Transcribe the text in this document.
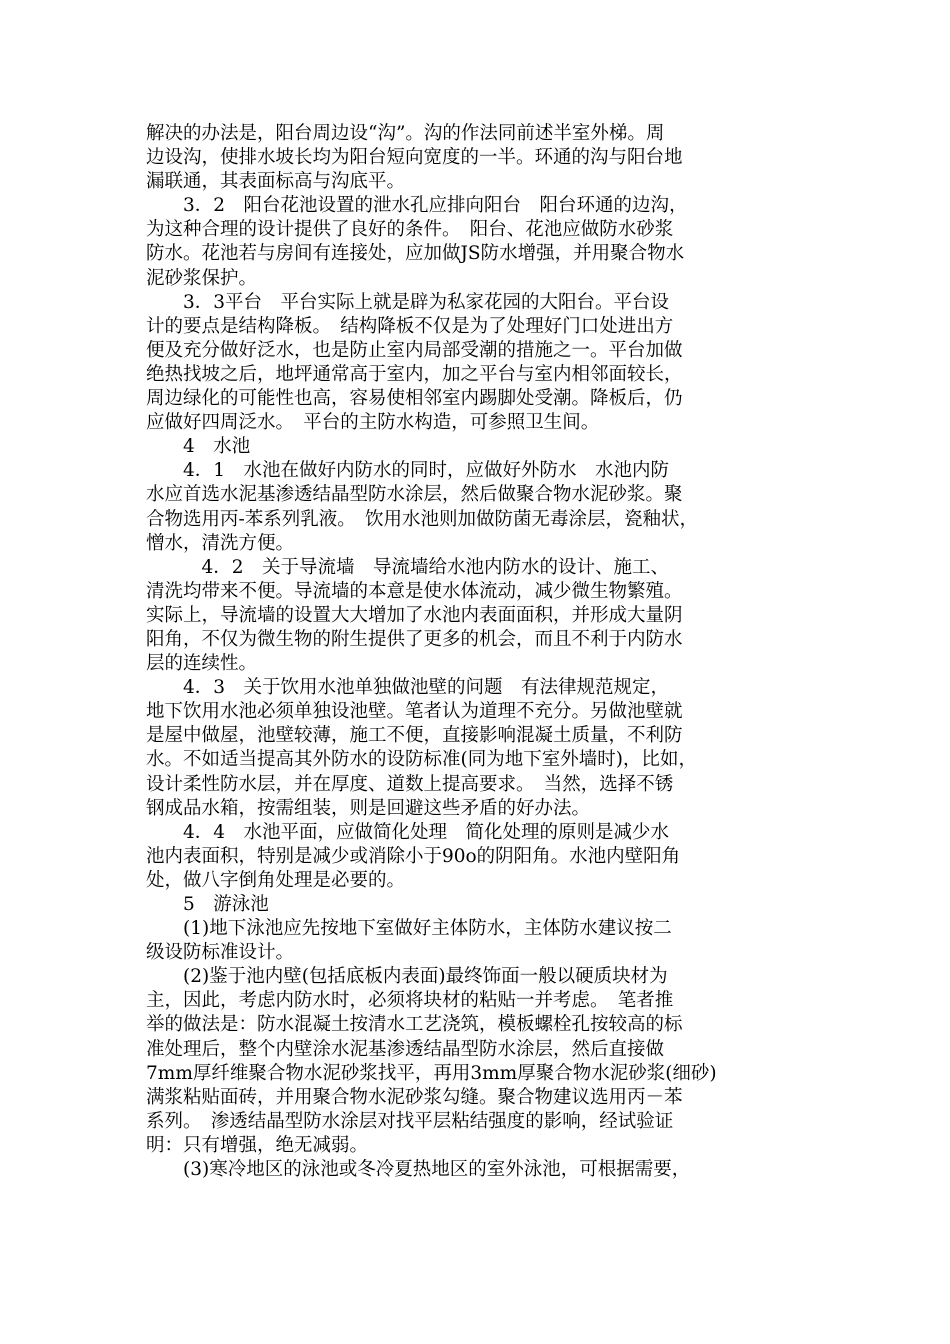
解决的办法是，阳台周边设“沟”。沟的作法同前述半室外梯。周
边设沟，使排水坡长均为阳台短向宽度的一半。环通的沟与阳台地
漏联通，其表面标高与沟底平。
　　3．2　阳台花池设置的泄水孔应排向阳台　阳台环通的边沟，
为这种合理的设计提供了良好的条件。　阳台、花池应做防水砂浆
防水。花池若与房间有连接处，应加做JS防水增强，并用聚合物水
泥砂浆保护。
　　3．3平台　平台实际上就是辟为私家花园的大阳台。平台设
计的要点是结构降板。　结构降板不仅是为了处理好门口处进出方
便及充分做好泛水，也是防止室内局部受潮的措施之一。平台加做
绝热找坡之后，地坪通常高于室内，加之平台与室内相邻面较长，
周边绿化的可能性也高，容易使相邻室内踢脚处受潮。降板后，仍
应做好四周泛水。　平台的主防水构造，可参照卫生间。
　　4　水池
　　4．1　水池在做好内防水的同时，应做好外防水　水池内防
水应首选水泥基渗透结晶型防水涂层，然后做聚合物水泥砂浆。聚
合物选用丙-苯系列乳液。　饮用水池则加做防菌无毒涂层，瓷釉状，
憎水，清洗方便。
　　　4．2　关于导流墙　导流墙给水池内防水的设计、施工、
清洗均带来不便。导流墙的本意是使水体流动，减少微生物繁殖。
实际上，导流墙的设置大大增加了水池内表面面积，并形成大量阴
阳角，不仅为微生物的附生提供了更多的机会，而且不利于内防水
层的连续性。
　　4．3　关于饮用水池单独做池壁的问题　有法律规范规定，
地下饮用水池必须单独设池壁。笔者认为道理不充分。另做池壁就
是屋中做屋，池壁较薄，施工不便，直接影响混凝土质量，不利防
水。不如适当提高其外防水的设防标准(同为地下室外墙时)，比如，
设计柔性防水层，并在厚度、道数上提高要求。　当然，选择不锈
钢成品水箱，按需组装，则是回避这些矛盾的好办法。
　　4．4　水池平面，应做简化处理　简化处理的原则是减少水
池内表面积，特别是减少或消除小于90o的阴阳角。水池内壁阳角
处，做八字倒角处理是必要的。
　　5　游泳池
　　(1)地下泳池应先按地下室做好主体防水，主体防水建议按二
级设防标准设计。
　　(2)鉴于池内壁(包括底板内表面)最终饰面一般以硬质块材为
主，因此，考虑内防水时，必须将块材的粘贴一并考虑。　笔者推
举的做法是：防水混凝土按清水工艺浇筑，模板螺栓孔按较高的标
准处理后，整个内壁涂水泥基渗透结晶型防水涂层，然后直接做
7mm厚纤维聚合物水泥砂浆找平，再用3mm厚聚合物水泥砂浆(细砂)
满浆粘贴面砖，并用聚合物水泥砂浆勾缝。聚合物建议选用丙－苯
系列。　渗透结晶型防水涂层对找平层粘结强度的影响，经试验证
明：只有增强，绝无减弱。
　　(3)寒冷地区的泳池或冬冷夏热地区的室外泳池，可根据需要，
